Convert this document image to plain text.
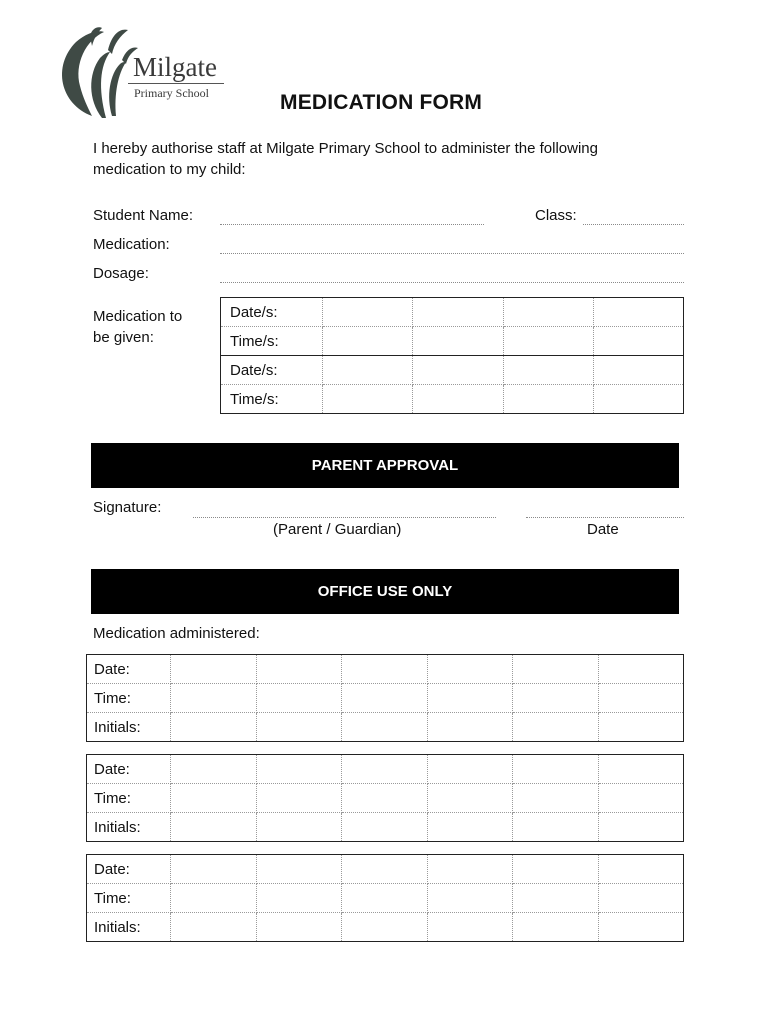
Milgate
Primary School	MEDICATION FORM
I hereby authorise staff at Milgate Primary School to administer the following
medication to my child:
Student Name:	Class:
Medication:
Dosage:
Medication to
be given:
Date/s:				
Time/s:				
Date/s:				
Time/s:				
PARENT APPROVAL
Signature:
(Parent / Guardian)	Date
OFFICE USE ONLY
Medication administered:
Date:						
Time:						
Initials:						
Date:						
Time:						
Initials:						
Date:						
Time:						
Initials:						
